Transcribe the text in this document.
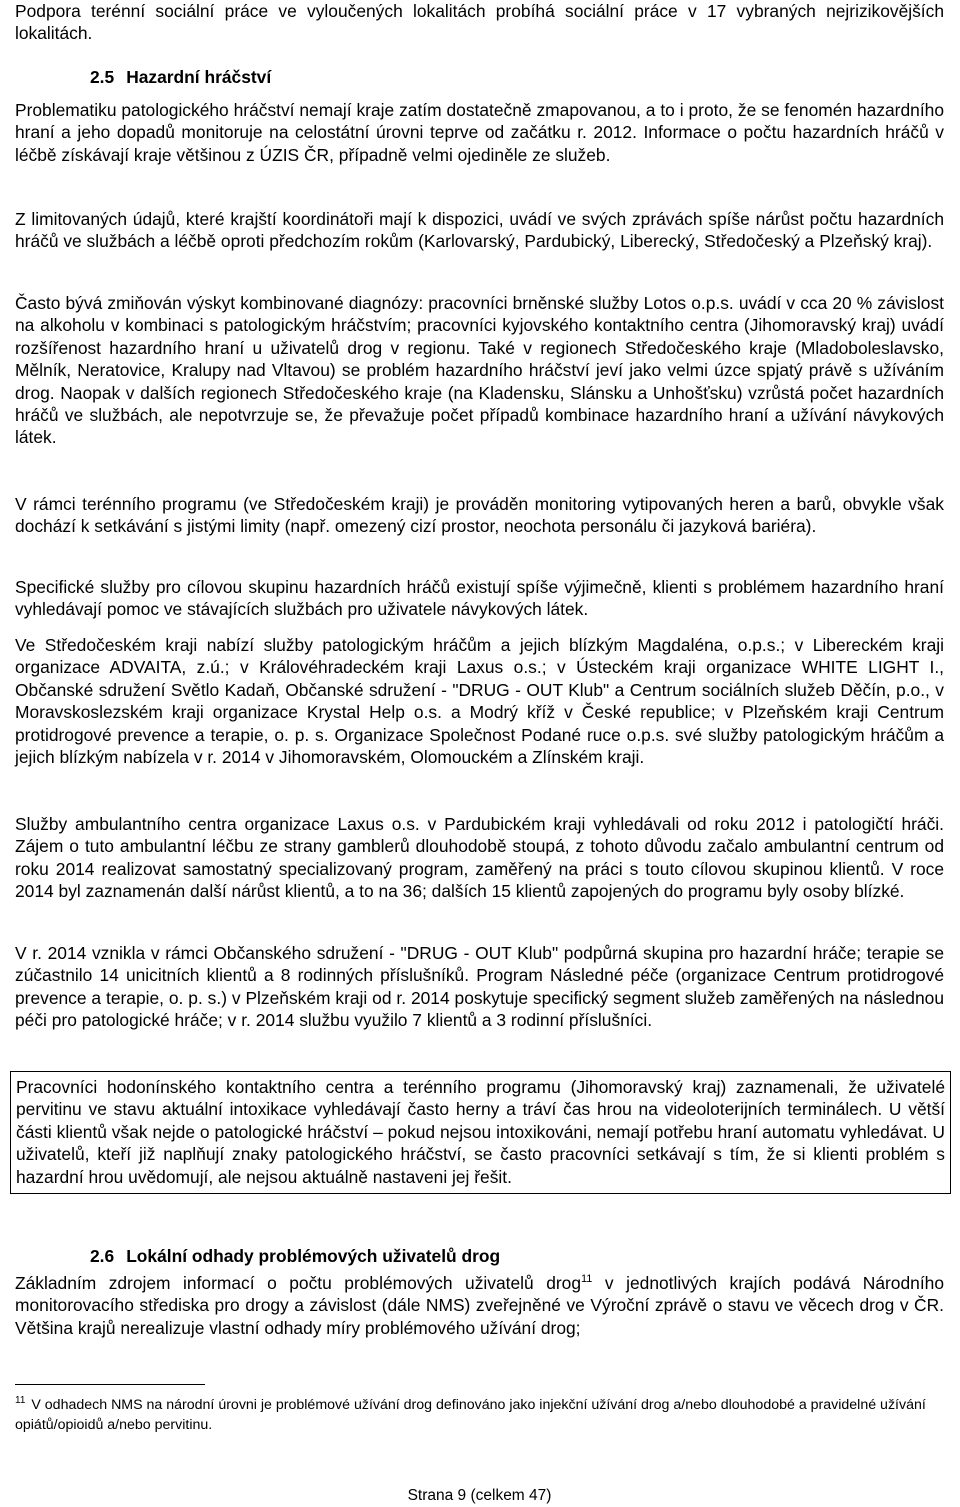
Podpora terénní sociální práce ve vyloučených lokalitách probíhá sociální práce v 17 vybraných nejrizikovějších lokalitách.

2.5 Hazardní hráčství

Problematiku patologického hráčství nemají kraje zatím dostatečně zmapovanou, a to i proto, že se fenomén hazardního hraní a jeho dopadů monitoruje na celostátní úrovni teprve od začátku r. 2012. Informace o počtu hazardních hráčů v léčbě získávají kraje většinou z ÚZIS ČR, případně velmi ojediněle ze služeb.

Z limitovaných údajů, které krajští koordinátoři mají k dispozici, uvádí ve svých zprávách spíše nárůst počtu hazardních hráčů ve službách a léčbě oproti předchozím rokům (Karlovarský, Pardubický, Liberecký, Středočeský a Plzeňský kraj).

Často bývá zmiňován výskyt kombinované diagnózy: pracovníci brněnské služby Lotos o.p.s. uvádí v cca 20 % závislost na alkoholu v kombinaci s patologickým hráčstvím; pracovníci kyjovského kontaktního centra (Jihomoravský kraj) uvádí rozšířenost hazardního hraní u uživatelů drog v regionu. Také v regionech Středočeského kraje (Mladoboleslavsko, Mělník, Neratovice, Kralupy nad Vltavou) se problém hazardního hráčství jeví jako velmi úzce spjatý právě s užíváním drog. Naopak v dalších regionech Středočeského kraje (na Kladensku, Slánsku a Unhošťsku) vzrůstá počet hazardních hráčů ve službách, ale nepotvrzuje se, že převažuje počet případů kombinace hazardního hraní a užívání návykových látek.

V rámci terénního programu (ve Středočeském kraji) je prováděn monitoring vytipovaných heren a barů, obvykle však dochází k setkávání s jistými limity (např. omezený cizí prostor, neochota personálu či jazyková bariéra).

Specifické služby pro cílovou skupinu hazardních hráčů existují spíše výjimečně, klienti s problémem hazardního hraní vyhledávají pomoc ve stávajících službách pro uživatele návykových látek.

Ve Středočeském kraji nabízí služby patologickým hráčům a jejich blízkým Magdaléna, o.p.s.; v Libereckém kraji organizace ADVAITA, z.ú.; v Královéhradeckém kraji Laxus o.s.; v Ústeckém kraji organizace WHITE LIGHT I., Občanské sdružení Světlo Kadaň, Občanské sdružení - "DRUG - OUT Klub" a Centrum sociálních služeb Děčín, p.o., v Moravskoslezském kraji organizace Krystal Help o.s. a Modrý kříž v České republice; v Plzeňském kraji Centrum protidrogové prevence a terapie, o. p. s. Organizace Společnost Podané ruce o.p.s. své služby patologickým hráčům a jejich blízkým nabízela v r. 2014 v Jihomoravském, Olomouckém a Zlínském kraji.

Služby ambulantního centra organizace Laxus o.s. v Pardubickém kraji vyhledávali od roku 2012 i patologičtí hráči. Zájem o tuto ambulantní léčbu ze strany gamblerů dlouhodobě stoupá, z tohoto důvodu začalo ambulantní centrum od roku 2014 realizovat samostatný specializovaný program, zaměřený na práci s touto cílovou skupinou klientů. V roce 2014 byl zaznamenán další nárůst klientů, a to na 36; dalších 15 klientů zapojených do programu byly osoby blízké.

V r. 2014 vznikla v rámci Občanského sdružení - "DRUG - OUT Klub" podpůrná skupina pro hazardní hráče; terapie se zúčastnilo 14 unicitních klientů a 8 rodinných příslušníků. Program Následné péče (organizace Centrum protidrogové prevence a terapie, o. p. s.) v Plzeňském kraji od r. 2014 poskytuje specifický segment služeb zaměřených na následnou péči pro patologické hráče; v r. 2014 službu využilo 7 klientů a 3 rodinní příslušníci.

Pracovníci hodonínského kontaktního centra a terénního programu (Jihomoravský kraj) zaznamenali, že uživatelé pervitinu ve stavu aktuální intoxikace vyhledávají často herny a tráví čas hrou na videoloterijních terminálech. U větší části klientů však nejde o patologické hráčství – pokud nejsou intoxikováni, nemají potřebu hraní automatu vyhledávat. U uživatelů, kteří již naplňují znaky patologického hráčství, se často pracovníci setkávají s tím, že si klienti problém s hazardní hrou uvědomují, ale nejsou aktuálně nastaveni jej řešit.

2.6 Lokální odhady problémových uživatelů drog

Základním zdrojem informací o počtu problémových uživatelů drog$^{11}$ v jednotlivých krajích podává Národního monitorovacího střediska pro drogy a závislost (dále NMS) zveřejněné ve Výroční zprávě o stavu ve věcech drog v ČR. Většina krajů nerealizuje vlastní odhady míry problémového užívání drog;

$^{11}$ V odhadech NMS na národní úrovni je problémové užívání drog definováno jako injekční užívání drog a/nebo dlouhodobé a pravidelné užívání opiátů/opioidů a/nebo pervitinu.

Strana 9 (celkem 47)
